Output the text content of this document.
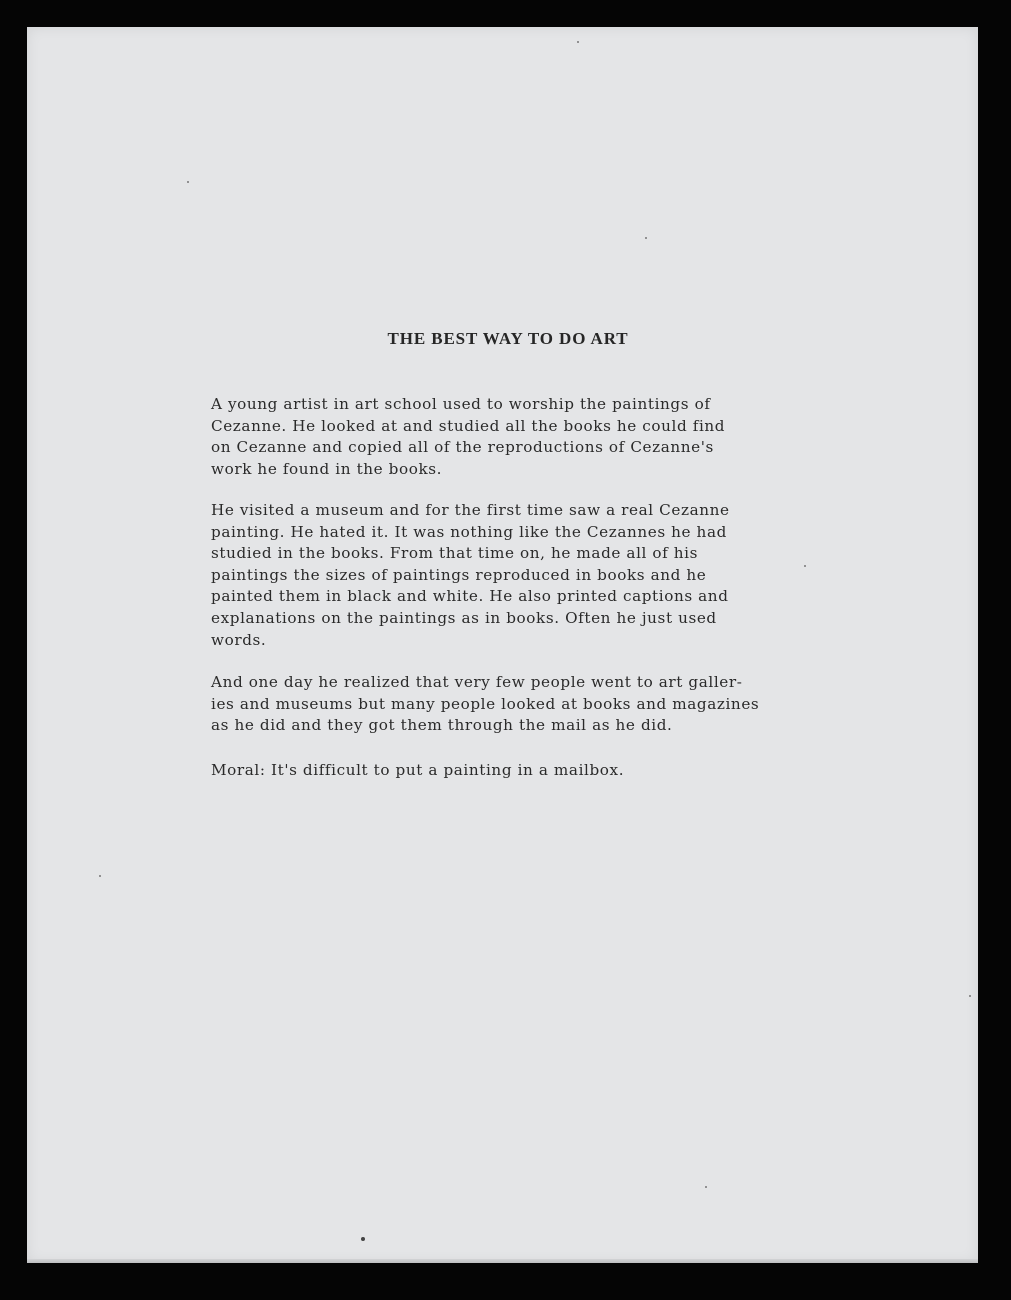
THE BEST WAY TO DO ART

A young artist in art school used to worship the paintings of
Cezanne. He looked at and studied all the books he could find
on Cezanne and copied all of the reproductions of Cezanne's
work he found in the books.

He visited a museum and for the first time saw a real Cezanne
painting. He hated it. It was nothing like the Cezannes he had
studied in the books. From that time on, he made all of his
paintings the sizes of paintings reproduced in books and he
painted them in black and white. He also printed captions and
explanations on the paintings as in books. Often he just used
words.

And one day he realized that very few people went to art galler-
ies and museums but many people looked at books and magazines
as he did and they got them through the mail as he did.

Moral: It's difficult to put a painting in a mailbox.
